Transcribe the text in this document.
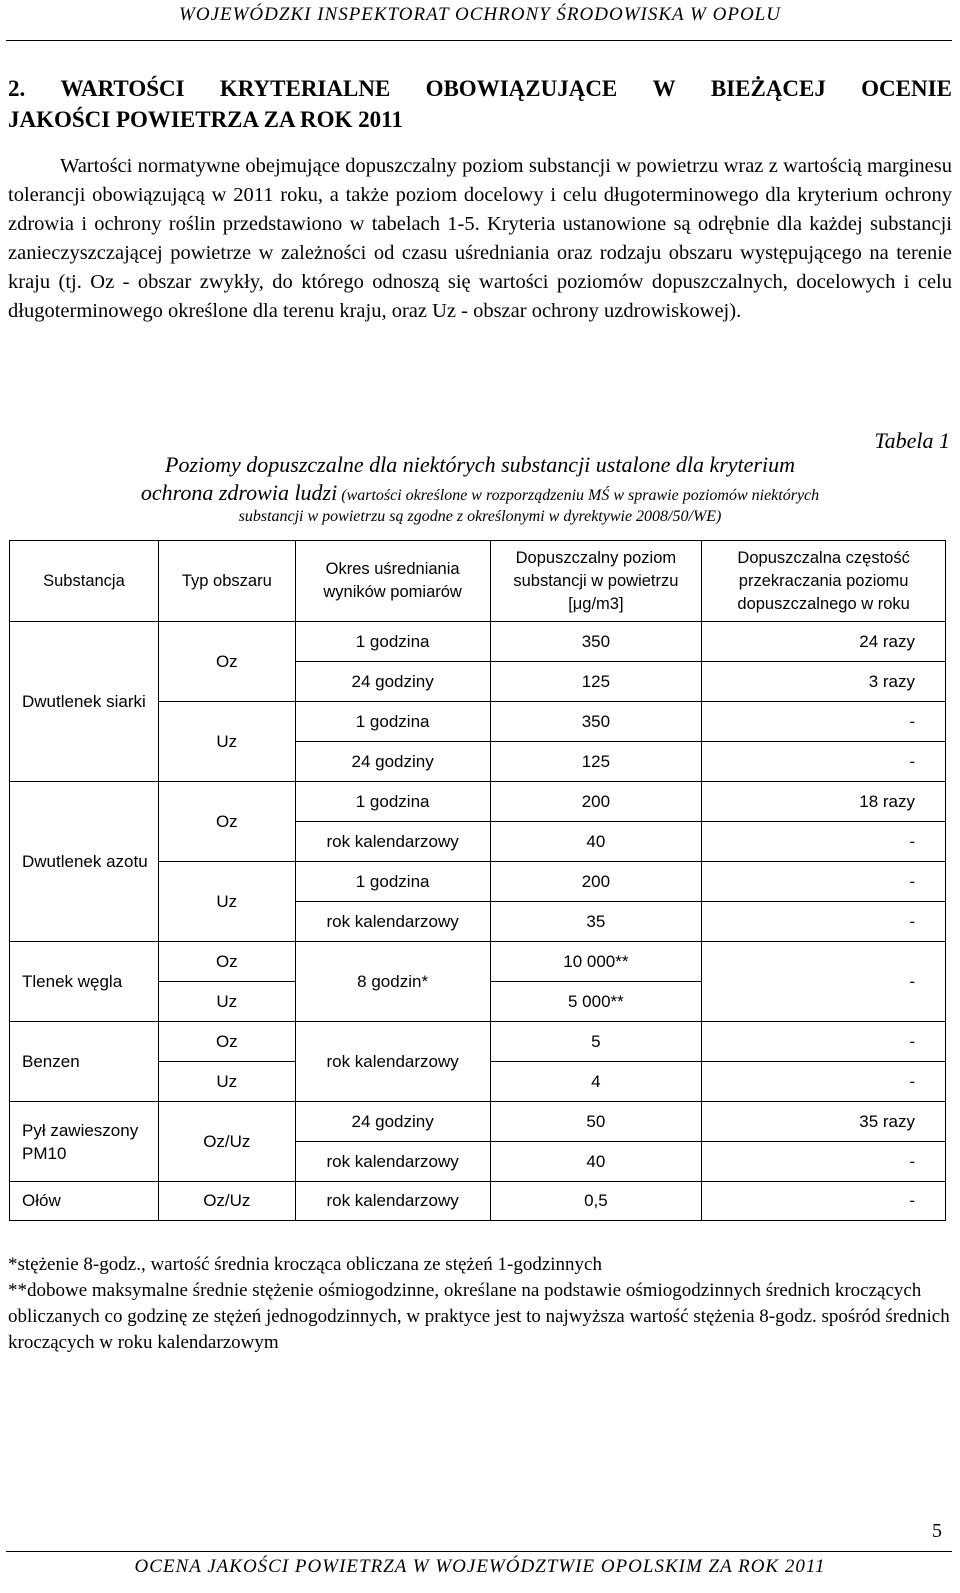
WOJEWÓDZKI INSPEKTORAT OCHRONY ŚRODOWISKA W OPOLU
2. WARTOŚCI KRYTERIALNE OBOWIĄZUJĄCE W BIEŻĄCEJ OCENIE
JAKOŚCI POWIETRZA ZA ROK 2011

Wartości normatywne obejmujące dopuszczalny poziom substancji w powietrzu wraz z wartością marginesu tolerancji obowiązującą w 2011 roku, a także poziom docelowy i celu długoterminowego dla kryterium ochrony zdrowia i ochrony roślin przedstawiono w tabelach 1-5. Kryteria ustanowione są odrębnie dla każdej substancji zanieczyszczającej powietrze w zależności od czasu uśredniania oraz rodzaju obszaru występującego na terenie kraju (tj. Oz - obszar zwykły, do którego odnoszą się wartości poziomów dopuszczalnych, docelowych i celu długoterminowego określone dla terenu kraju, oraz Uz - obszar ochrony uzdrowiskowej).

Tabela 1
Poziomy dopuszczalne dla niektórych substancji ustalone dla kryterium
ochrona zdrowia ludzi (wartości określone w rozporządzeniu MŚ w sprawie poziomów niektórych
substancji w powietrzu są zgodne z określonymi w dyrektywie 2008/50/WE)
Substancja	Typ obszaru	Okres uśredniania wyników pomiarów	Dopuszczalny poziom
substancji w powietrzu
[μg/m3]	Dopuszczalna częstość przekraczania poziomu dopuszczalnego w roku
Dwutlenek siarki	Oz	1 godzina	350	24 razy
		24 godziny	125	3 razy
	Uz	1 godzina	350	-
		24 godziny	125	-
Dwutlenek azotu	Oz	1 godzina	200	18 razy
		rok kalendarzowy	40	-
	Uz	1 godzina	200	-
		rok kalendarzowy	35	-
Tlenek węgla	Oz	8 godzin*	10 000**	-
	Uz		5 000**	
Benzen	Oz	rok kalendarzowy	5	-
	Uz		4	-
Pył zawieszony PM10	Oz/Uz	24 godziny	50	35 razy
		rok kalendarzowy	40	-
Ołów	Oz/Uz	rok kalendarzowy	0,5	-

*stężenie 8-godz., wartość średnia krocząca obliczana ze stężeń 1-godzinnych

**dobowe maksymalne średnie stężenie ośmiogodzinne, określane na podstawie ośmiogodzinnych średnich kroczących obliczanych co godzinę ze stężeń jednogodzinnych, w praktyce jest to najwyższa wartość stężenia 8-godz. spośród średnich kroczących w roku kalendarzowym

5
OCENA JAKOŚCI POWIETRZA W WOJEWÓDZTWIE OPOLSKIM ZA ROK 2011
